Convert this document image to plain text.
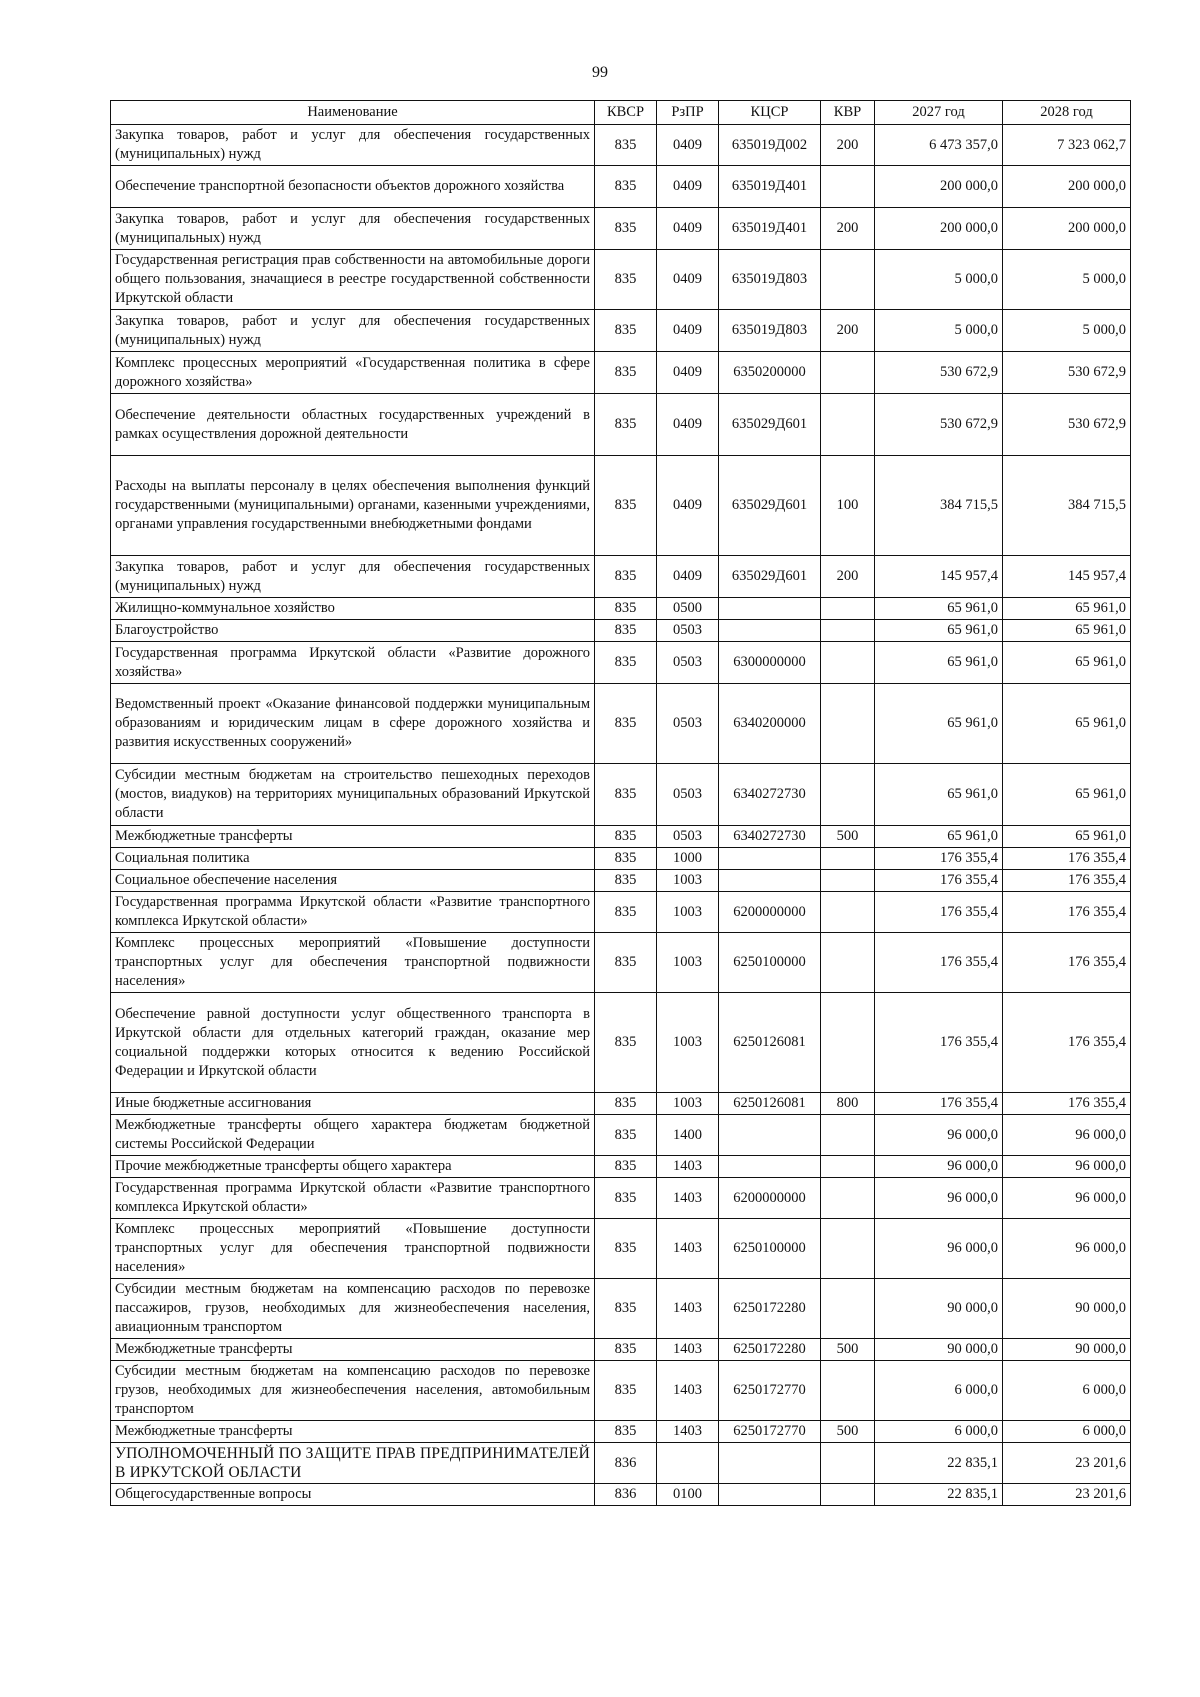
99
Наименование	КВСР	РзПР	КЦСР	КВР	2027 год	2028 год
Закупка товаров, работ и услуг для обеспечения государственных (муниципальных) нужд	835	0409	635019Д002	200	6 473 357,0	7 323 062,7
Обеспечение транспортной безопасности объектов дорожного хозяйства	835	0409	635019Д401		200 000,0	200 000,0
Закупка товаров, работ и услуг для обеспечения государственных (муниципальных) нужд	835	0409	635019Д401	200	200 000,0	200 000,0
Государственная регистрация прав собственности на автомобильные дороги общего пользования, значащиеся в реестре государственной собственности Иркутской области	835	0409	635019Д803		5 000,0	5 000,0
Закупка товаров, работ и услуг для обеспечения государственных (муниципальных) нужд	835	0409	635019Д803	200	5 000,0	5 000,0
Комплекс процессных мероприятий «Государственная политика в сфере дорожного хозяйства»	835	0409	6350200000		530 672,9	530 672,9
Обеспечение деятельности областных государственных учреждений в рамках осуществления дорожной деятельности	835	0409	635029Д601		530 672,9	530 672,9
Расходы на выплаты персоналу в целях обеспечения выполнения функций государственными (муниципальными) органами, казенными учреждениями, органами управления государственными внебюджетными фондами	835	0409	635029Д601	100	384 715,5	384 715,5
Закупка товаров, работ и услуг для обеспечения государственных (муниципальных) нужд	835	0409	635029Д601	200	145 957,4	145 957,4
Жилищно-коммунальное хозяйство	835	0500			65 961,0	65 961,0
Благоустройство	835	0503			65 961,0	65 961,0
Государственная программа Иркутской области «Развитие дорожного хозяйства»	835	0503	6300000000		65 961,0	65 961,0
Ведомственный проект «Оказание финансовой поддержки муниципальным образованиям и юридическим лицам в сфере дорожного хозяйства и развития искусственных сооружений»	835	0503	6340200000		65 961,0	65 961,0
Субсидии местным бюджетам на строительство пешеходных переходов (мостов, виадуков) на территориях муниципальных образований Иркутской области	835	0503	6340272730		65 961,0	65 961,0
Межбюджетные трансферты	835	0503	6340272730	500	65 961,0	65 961,0
Социальная политика	835	1000			176 355,4	176 355,4
Социальное обеспечение населения	835	1003			176 355,4	176 355,4
Государственная программа Иркутской области «Развитие транспортного комплекса Иркутской области»	835	1003	6200000000		176 355,4	176 355,4
Комплекс процессных мероприятий «Повышение доступности транспортных услуг для обеспечения транспортной подвижности населения»	835	1003	6250100000		176 355,4	176 355,4
Обеспечение равной доступности услуг общественного транспорта в Иркутской области для отдельных категорий граждан, оказание мер социальной поддержки которых относится к ведению Российской Федерации и Иркутской области	835	1003	6250126081		176 355,4	176 355,4
Иные бюджетные ассигнования	835	1003	6250126081	800	176 355,4	176 355,4
Межбюджетные трансферты общего характера бюджетам бюджетной системы Российской Федерации	835	1400			96 000,0	96 000,0
Прочие межбюджетные трансферты общего характера	835	1403			96 000,0	96 000,0
Государственная программа Иркутской области «Развитие транспортного комплекса Иркутской области»	835	1403	6200000000		96 000,0	96 000,0
Комплекс процессных мероприятий «Повышение доступности транспортных услуг для обеспечения транспортной подвижности населения»	835	1403	6250100000		96 000,0	96 000,0
Субсидии местным бюджетам на компенсацию расходов по перевозке пассажиров, грузов, необходимых для жизнеобеспечения населения, авиационным транспортом	835	1403	6250172280		90 000,0	90 000,0
Межбюджетные трансферты	835	1403	6250172280	500	90 000,0	90 000,0
Субсидии местным бюджетам на компенсацию расходов по перевозке грузов, необходимых для жизнеобеспечения населения, автомобильным транспортом	835	1403	6250172770		6 000,0	6 000,0
Межбюджетные трансферты	835	1403	6250172770	500	6 000,0	6 000,0
УПОЛНОМОЧЕННЫЙ ПО ЗАЩИТЕ ПРАВ ПРЕДПРИНИМАТЕЛЕЙ В ИРКУТСКОЙ ОБЛАСТИ	836				22 835,1	23 201,6
Общегосударственные вопросы	836	0100			22 835,1	23 201,6
